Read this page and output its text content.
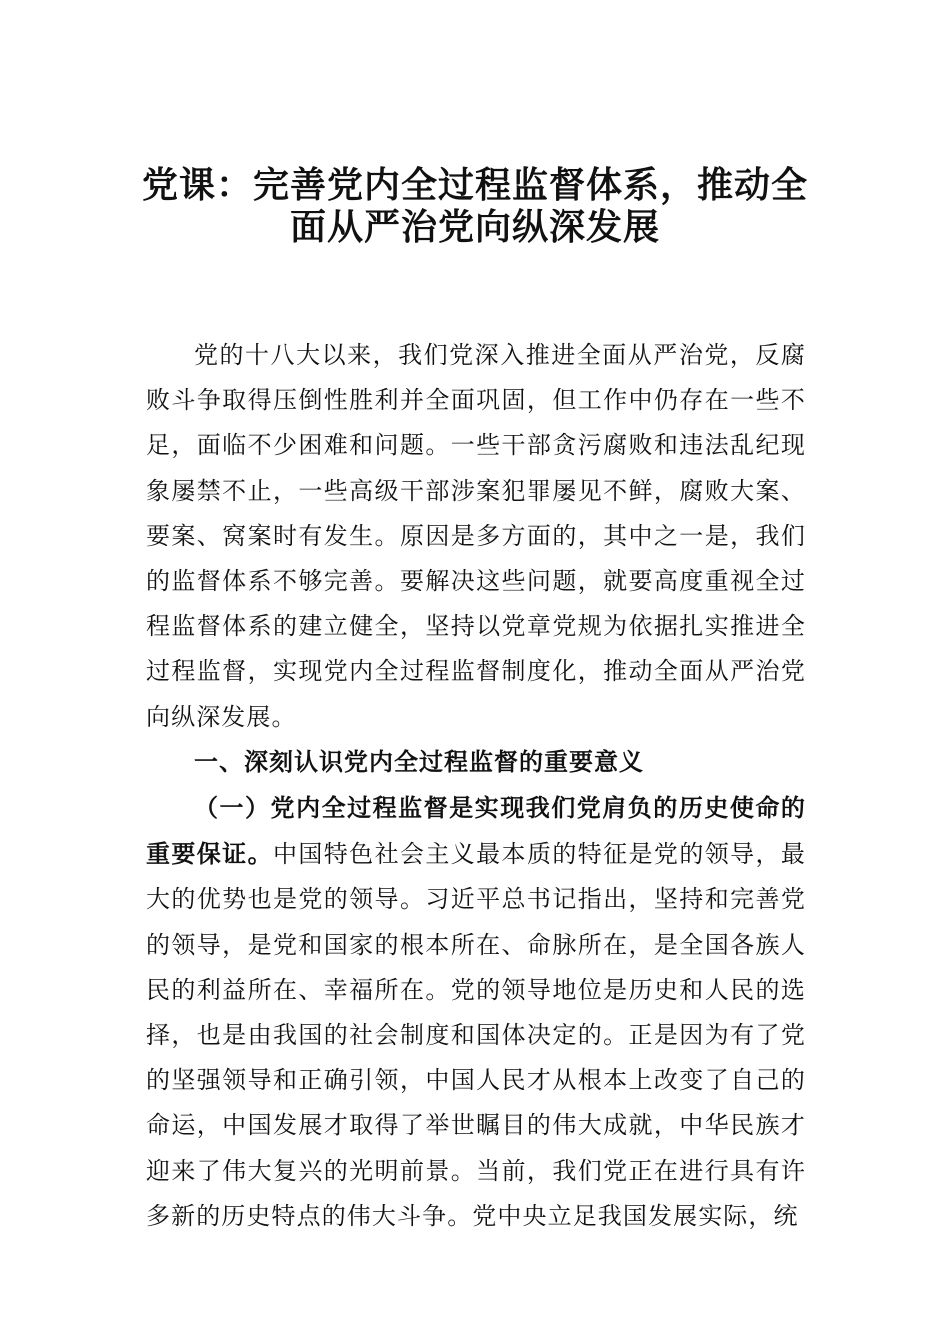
党课：完善党内全过程监督体系，推动全
面从严治党向纵深发展

党的十八大以来，我们党深入推进全面从严治党，反腐败斗争取得压倒性胜利并全面巩固，但工作中仍存在一些不足，面临不少困难和问题。一些干部贪污腐败和违法乱纪现象屡禁不止，一些高级干部涉案犯罪屡见不鲜，腐败大案、要案、窝案时有发生。原因是多方面的，其中之一是，我们的监督体系不够完善。要解决这些问题，就要高度重视全过程监督体系的建立健全，坚持以党章党规为依据扎实推进全过程监督，实现党内全过程监督制度化，推动全面从严治党向纵深发展。

一、深刻认识党内全过程监督的重要意义

（一）党内全过程监督是实现我们党肩负的历史使命的重要保证。中国特色社会主义最本质的特征是党的领导，最大的优势也是党的领导。习近平总书记指出，坚持和完善党的领导，是党和国家的根本所在、命脉所在，是全国各族人民的利益所在、幸福所在。党的领导地位是历史和人民的选择，也是由我国的社会制度和国体决定的。正是因为有了党的坚强领导和正确引领，中国人民才从根本上改变了自己的命运，中国发展才取得了举世瞩目的伟大成就，中华民族才迎来了伟大复兴的光明前景。当前，我们党正在进行具有许多新的历史特点的伟大斗争。党中央立足我国发展实际，统
